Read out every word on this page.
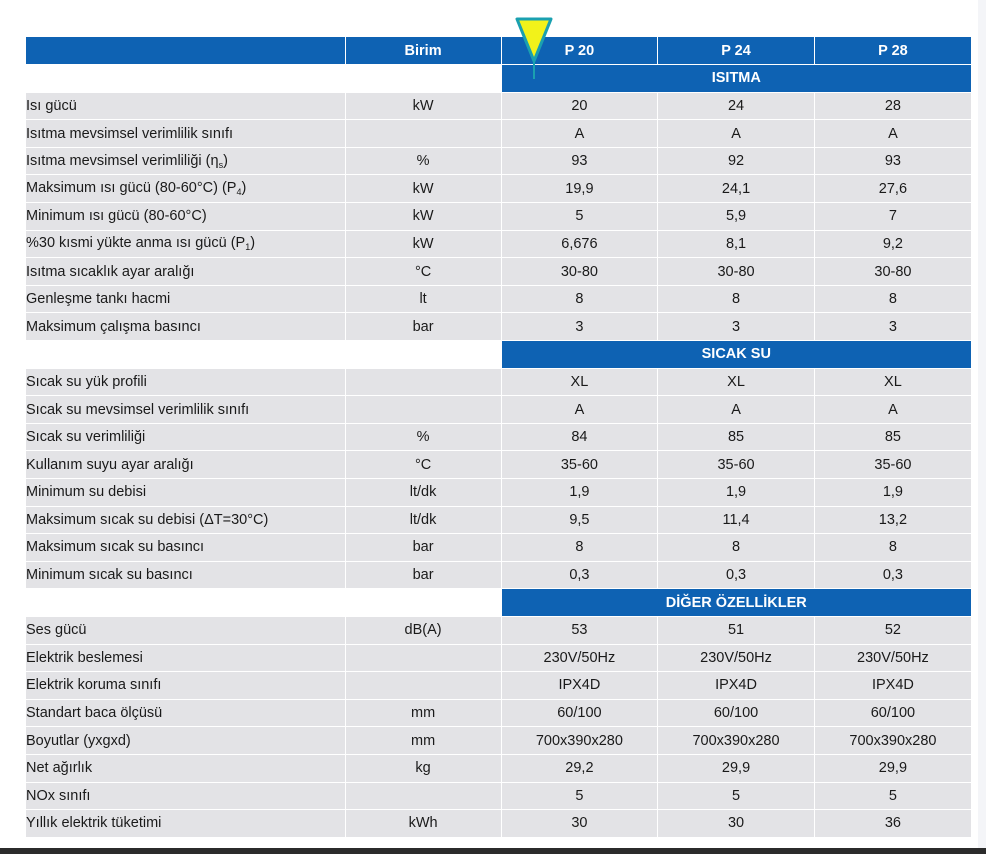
	Birim	P 20	P 24	P 28
		ISITMA		
Isı gücü	kW	20	24	28
Isıtma mevsimsel verimlilik sınıfı		A	A	A
Isıtma mevsimsel verimliliği $(\eta_s)$	%	93	92	93
Maksimum ısı gücü (80-60°C) $(P_4)$	kW	19,9	24,1	27,6
Minimum ısı gücü (80-60°C)	kW	5	5,9	7
%30 kısmi yükte anma ısı gücü $(P_1)$	kW	6,676	8,1	9,2
Isıtma sıcaklık ayar aralığı	°C	30-80	30-80	30-80
Genleşme tankı hacmi	lt	8	8	8
Maksimum çalışma basıncı	bar	3	3	3
		SICAK SU		
Sıcak su yük profili		XL	XL	XL
Sıcak su mevsimsel verimlilik sınıfı		A	A	A
Sıcak su verimliliği	%	84	85	85
Kullanım suyu ayar aralığı	°C	35-60	35-60	35-60
Minimum su debisi	lt/dk	1,9	1,9	1,9
Maksimum sıcak su debisi (ΔT=30°C)	lt/dk	9,5	11,4	13,2
Maksimum sıcak su basıncı	bar	8	8	8
Minimum sıcak su basıncı	bar	0,3	0,3	0,3
		DİĞER ÖZELLİKLER		
Ses gücü	dB(A)	53	51	52
Elektrik beslemesi		230V/50Hz	230V/50Hz	230V/50Hz
Elektrik koruma sınıfı		IPX4D	IPX4D	IPX4D
Standart baca ölçüsü	mm	60/100	60/100	60/100
Boyutlar (yxgxd)	mm	700x390x280	700x390x280	700x390x280
Net ağırlık	kg	29,2	29,9	29,9
NOx sınıfı		5	5	5
Yıllık elektrik tüketimi	kWh	30	30	36
